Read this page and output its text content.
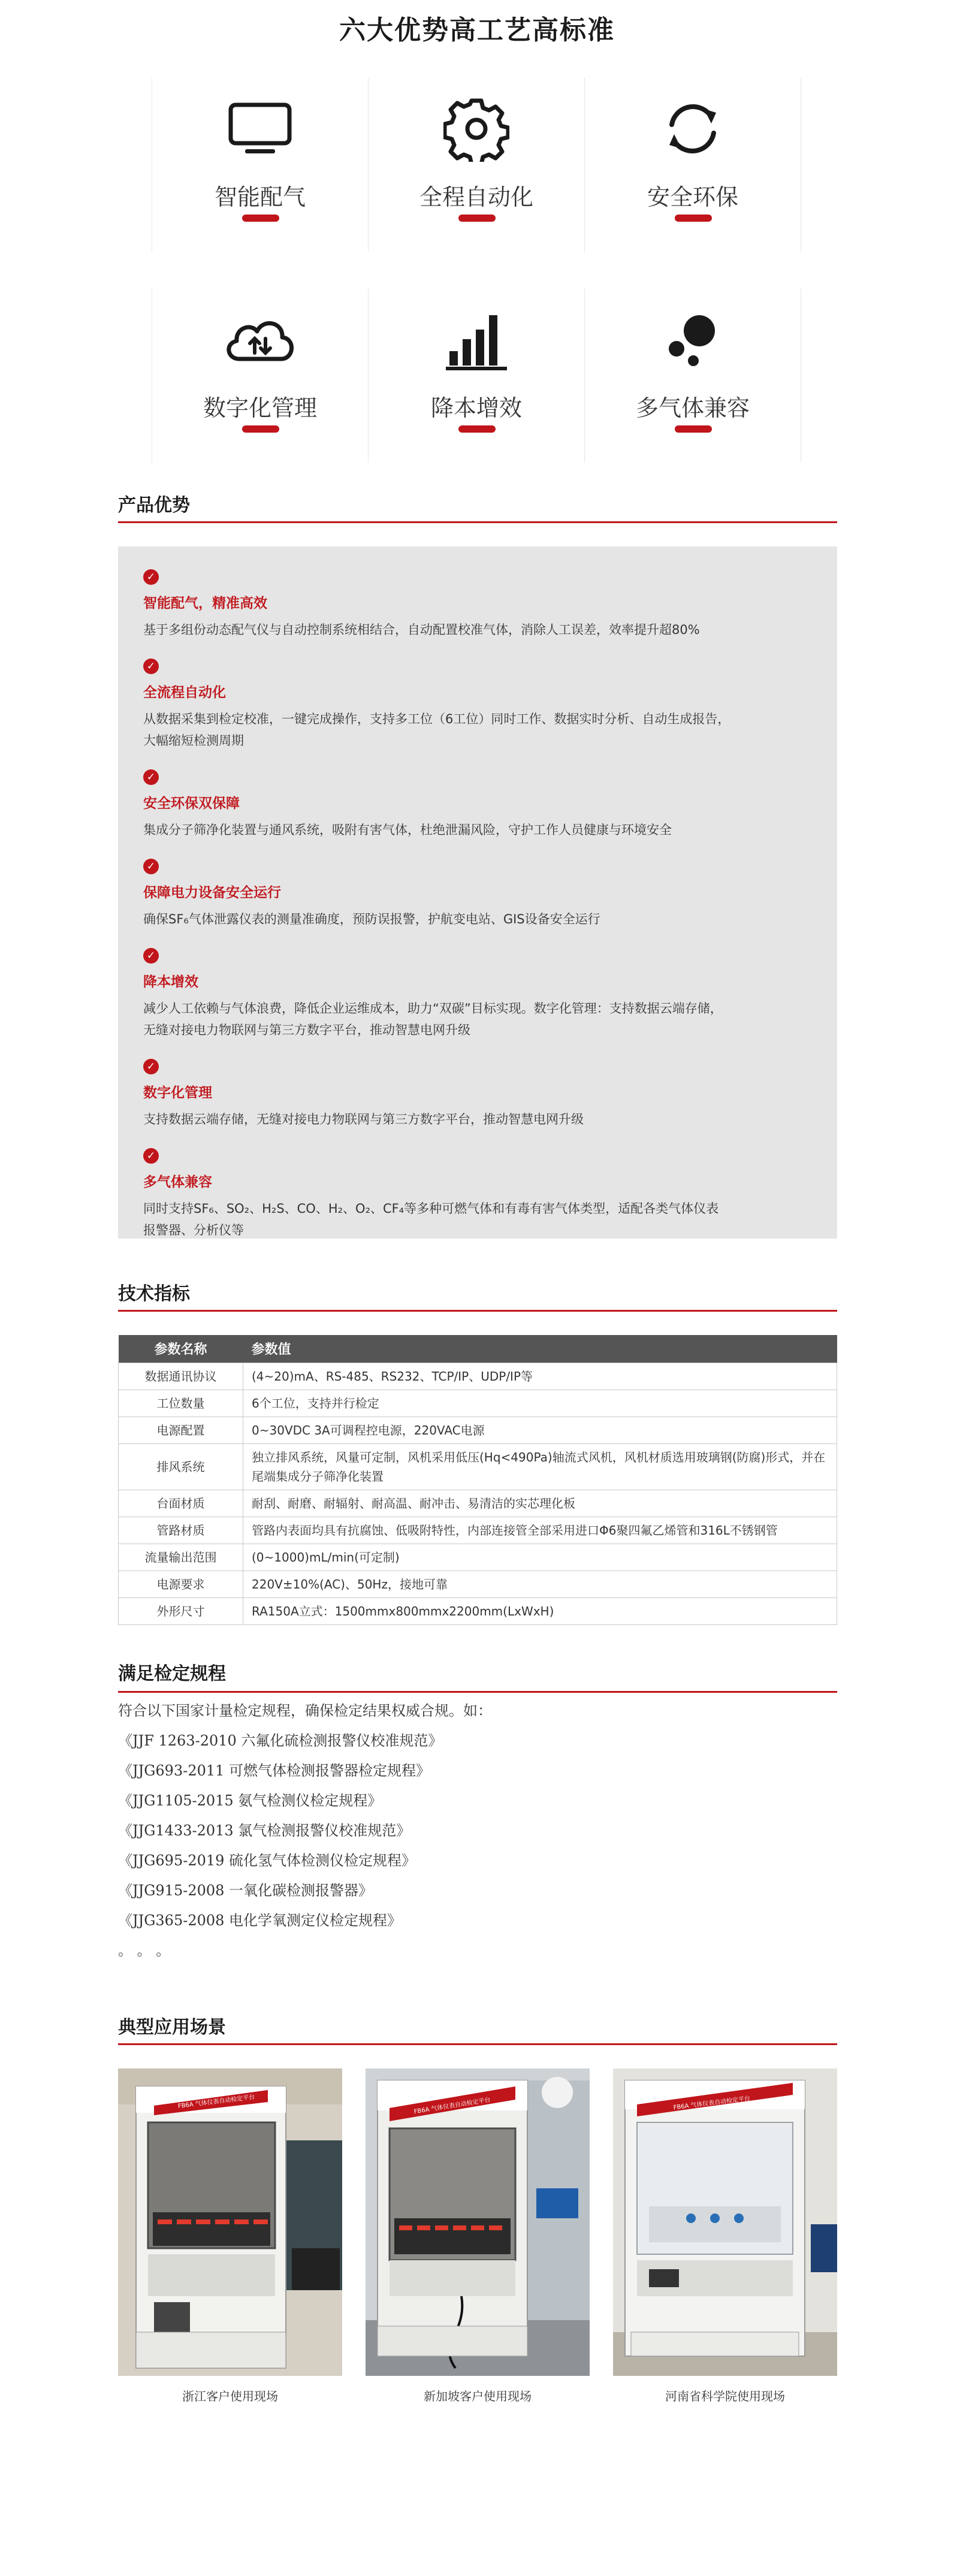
六大优势高工艺高标准
智能配气	全程自动化	安全环保
数字化管理	降本增效	多气体兼容
产品优势
✓
智能配气，精准高效
基于多组份动态配气仪与自动控制系统相结合，自动配置校准气体，消除人工误差，效率提升超80%
✓
全流程自动化
从数据采集到检定校准，一键完成操作，支持多工位（6工位）同时工作、数据实时分析、自动生成报告，
大幅缩短检测周期
✓
安全环保双保障
集成分子筛净化装置与通风系统，吸附有害气体，杜绝泄漏风险，守护工作人员健康与环境安全
✓
保障电力设备安全运行
确保SF₆气体泄露仪表的测量准确度，预防误报警，护航变电站、GIS设备安全运行
✓
降本增效
减少人工依赖与气体浪费，降低企业运维成本，助力“双碳”目标实现。数字化管理：支持数据云端存储，
无缝对接电力物联网与第三方数字平台，推动智慧电网升级
✓
数字化管理
支持数据云端存储，无缝对接电力物联网与第三方数字平台，推动智慧电网升级
✓
多气体兼容
同时支持SF₆、SO₂、H₂S、CO、H₂、O₂、CF₄等多种可燃气体和有毒有害气体类型，适配各类气体仪表
报警器、分析仪等
技术指标
参数名称	参数值
数据通讯协议	(4~20)mA、RS-485、RS232、TCP/IP、UDP/IP等
工位数量	6个工位，支持并行检定
电源配置	0~30VDC 3A可调程控电源，220VAC电源
排风系统	独立排风系统，风量可定制，风机采用低压(Hq<490Pa)轴流式风机，风机材质选用玻璃钢(防腐)形式，并在尾端集成分子筛净化装置
台面材质	耐刮、耐磨、耐辐射、耐高温、耐冲击、易清洁的实芯理化板
管路材质	管路内表面均具有抗腐蚀、低吸附特性，内部连接管全部采用进口Φ6聚四氟乙烯管和316L不锈钢管
流量输出范围	(0~1000)mL/min(可定制)
电源要求	220V±10%(AC)、50Hz，接地可靠
外形尺寸	RA150A立式：1500mmx800mmx2200mm(LxWxH)
满足检定规程
符合以下国家计量检定规程，确保检定结果权威合规。如：
《JJF 1263-2010 六氟化硫检测报警仪校准规范》
《JJG693-2011 可燃气体检测报警器检定规程》
《JJG1105-2015 氨气检测仪检定规程》
《JJG1433-2013 氯气检测报警仪校准规范》
《JJG695-2019 硫化氢气体检测仪检定规程》
《JJG915-2008 一氧化碳检测报警器》
《JJG365-2008 电化学氧测定仪检定规程》
。 。 。
典型应用场景
FB6A 气体仪表自动检定平台
浙江客户使用现场
FB6A 气体仪表自动检定平台
新加坡客户使用现场
FB6A 气体仪表自动检定平台
河南省科学院使用现场
